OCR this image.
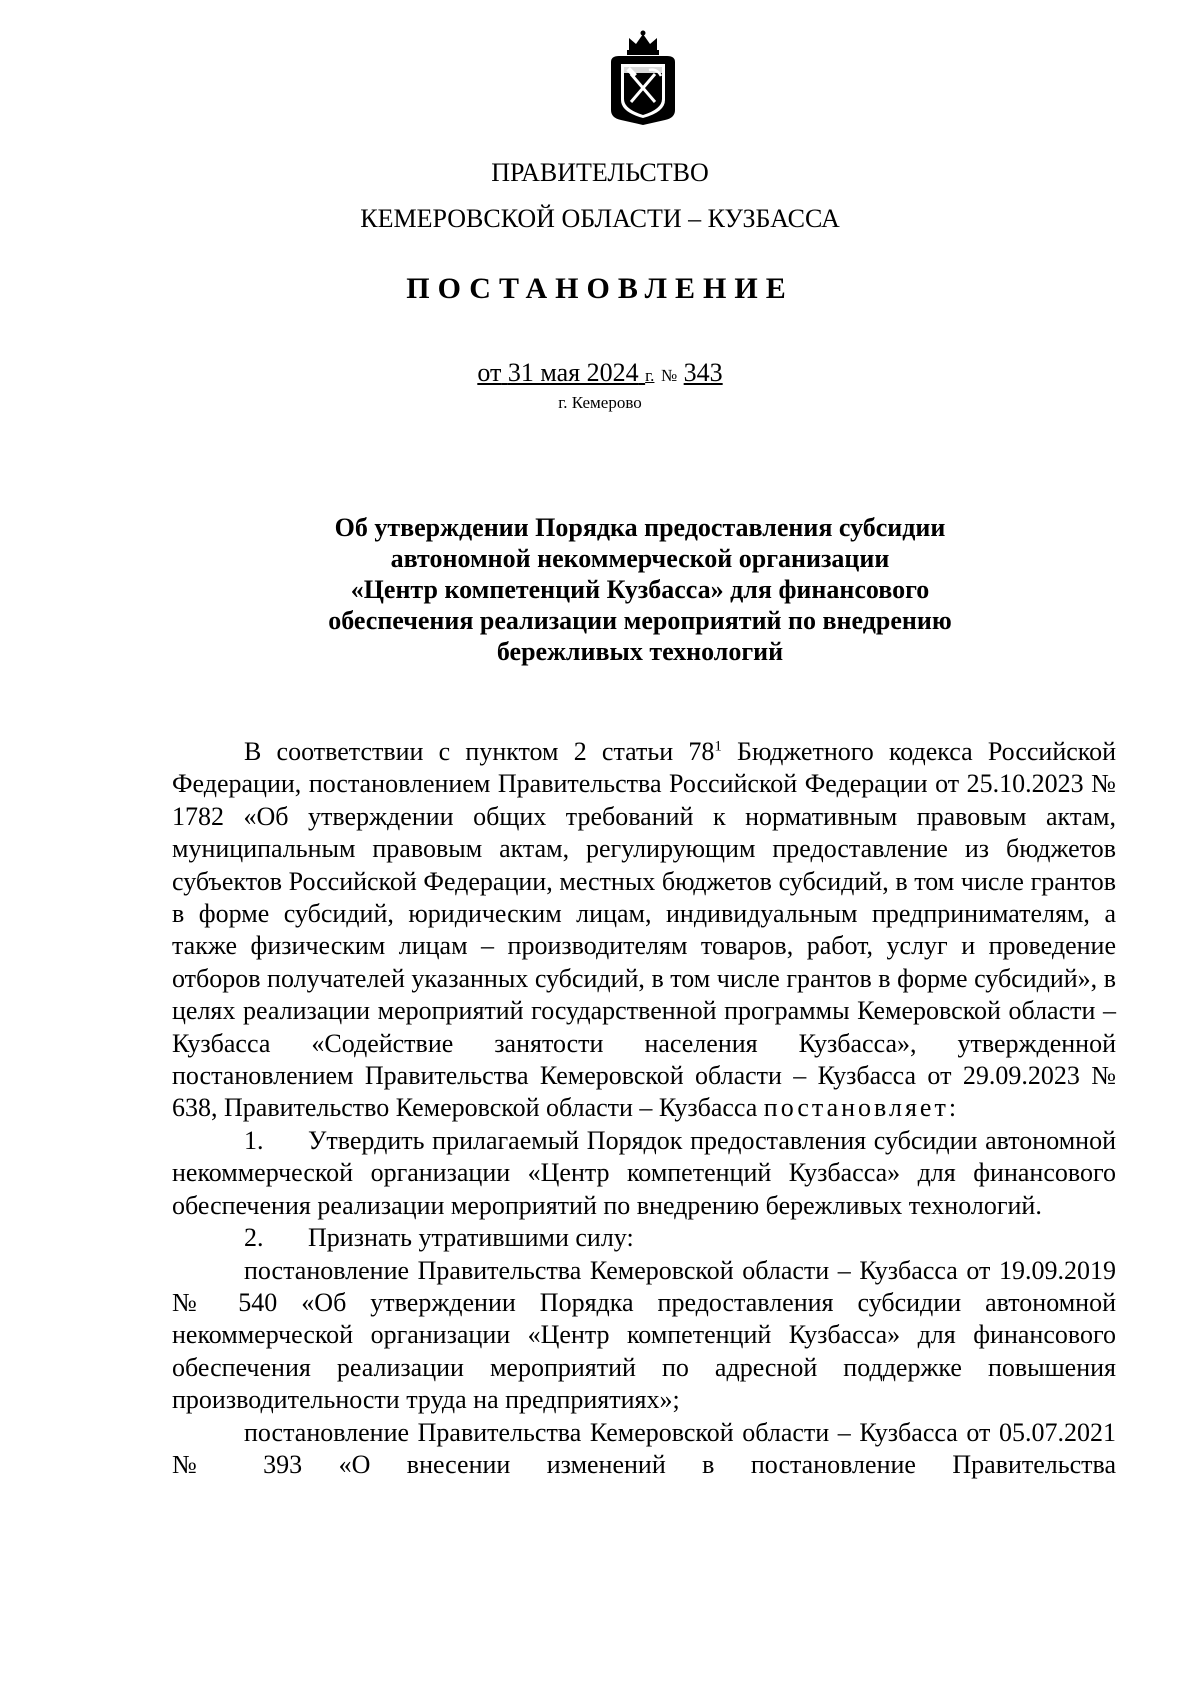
ПРАВИТЕЛЬСТВО
КЕМЕРОВСКОЙ ОБЛАСТИ – КУЗБАССА
ПОСТАНОВЛЕНИЕ
от 31 мая 2024 г. № 343
г. Кемерово
Об утверждении Порядка предоставления субсидии
автономной некоммерческой организации
«Центр компетенций Кузбасса» для финансового
обеспечения реализации мероприятий по внедрению
бережливых технологий

В соответствии с пунктом 2 статьи $78^1$ Бюджетного кодекса Российской Федерации, постановлением Правительства Российской Федерации от 25.10.2023 № 1782 «Об утверждении общих требований к нормативным правовым актам, муниципальным правовым актам, регулирующим предоставление из бюджетов субъектов Российской Федерации, местных бюджетов субсидий, в том числе грантов в форме субсидий, юридическим лицам, индивидуальным предпринимателям, а также физическим лицам – производителям товаров, работ, услуг и проведение отборов получателей указанных субсидий, в том числе грантов в форме субсидий», в целях реализации мероприятий государственной программы Кемеровской области – Кузбасса «Содействие занятости населения Кузбасса», утвержденной постановлением Правительства Кемеровской области – Кузбасса от 29.09.2023 № 638, Правительство Кемеровской области – Кузбасса постановляет:

1. Утвердить прилагаемый Порядок предоставления субсидии автономной некоммерческой организации «Центр компетенций Кузбасса» для финансового обеспечения реализации мероприятий по внедрению бережливых технологий.

2. Признать утратившими силу:

постановление Правительства Кемеровской области – Кузбасса от 19.09.2019 № 540 «Об утверждении Порядка предоставления субсидии автономной некоммерческой организации «Центр компетенций Кузбасса» для финансового обеспечения реализации мероприятий по адресной поддержке повышения производительности труда на предприятиях»;

постановление Правительства Кемеровской области – Кузбасса от 05.07.2021 № 393 «О внесении изменений в постановление Правительства
